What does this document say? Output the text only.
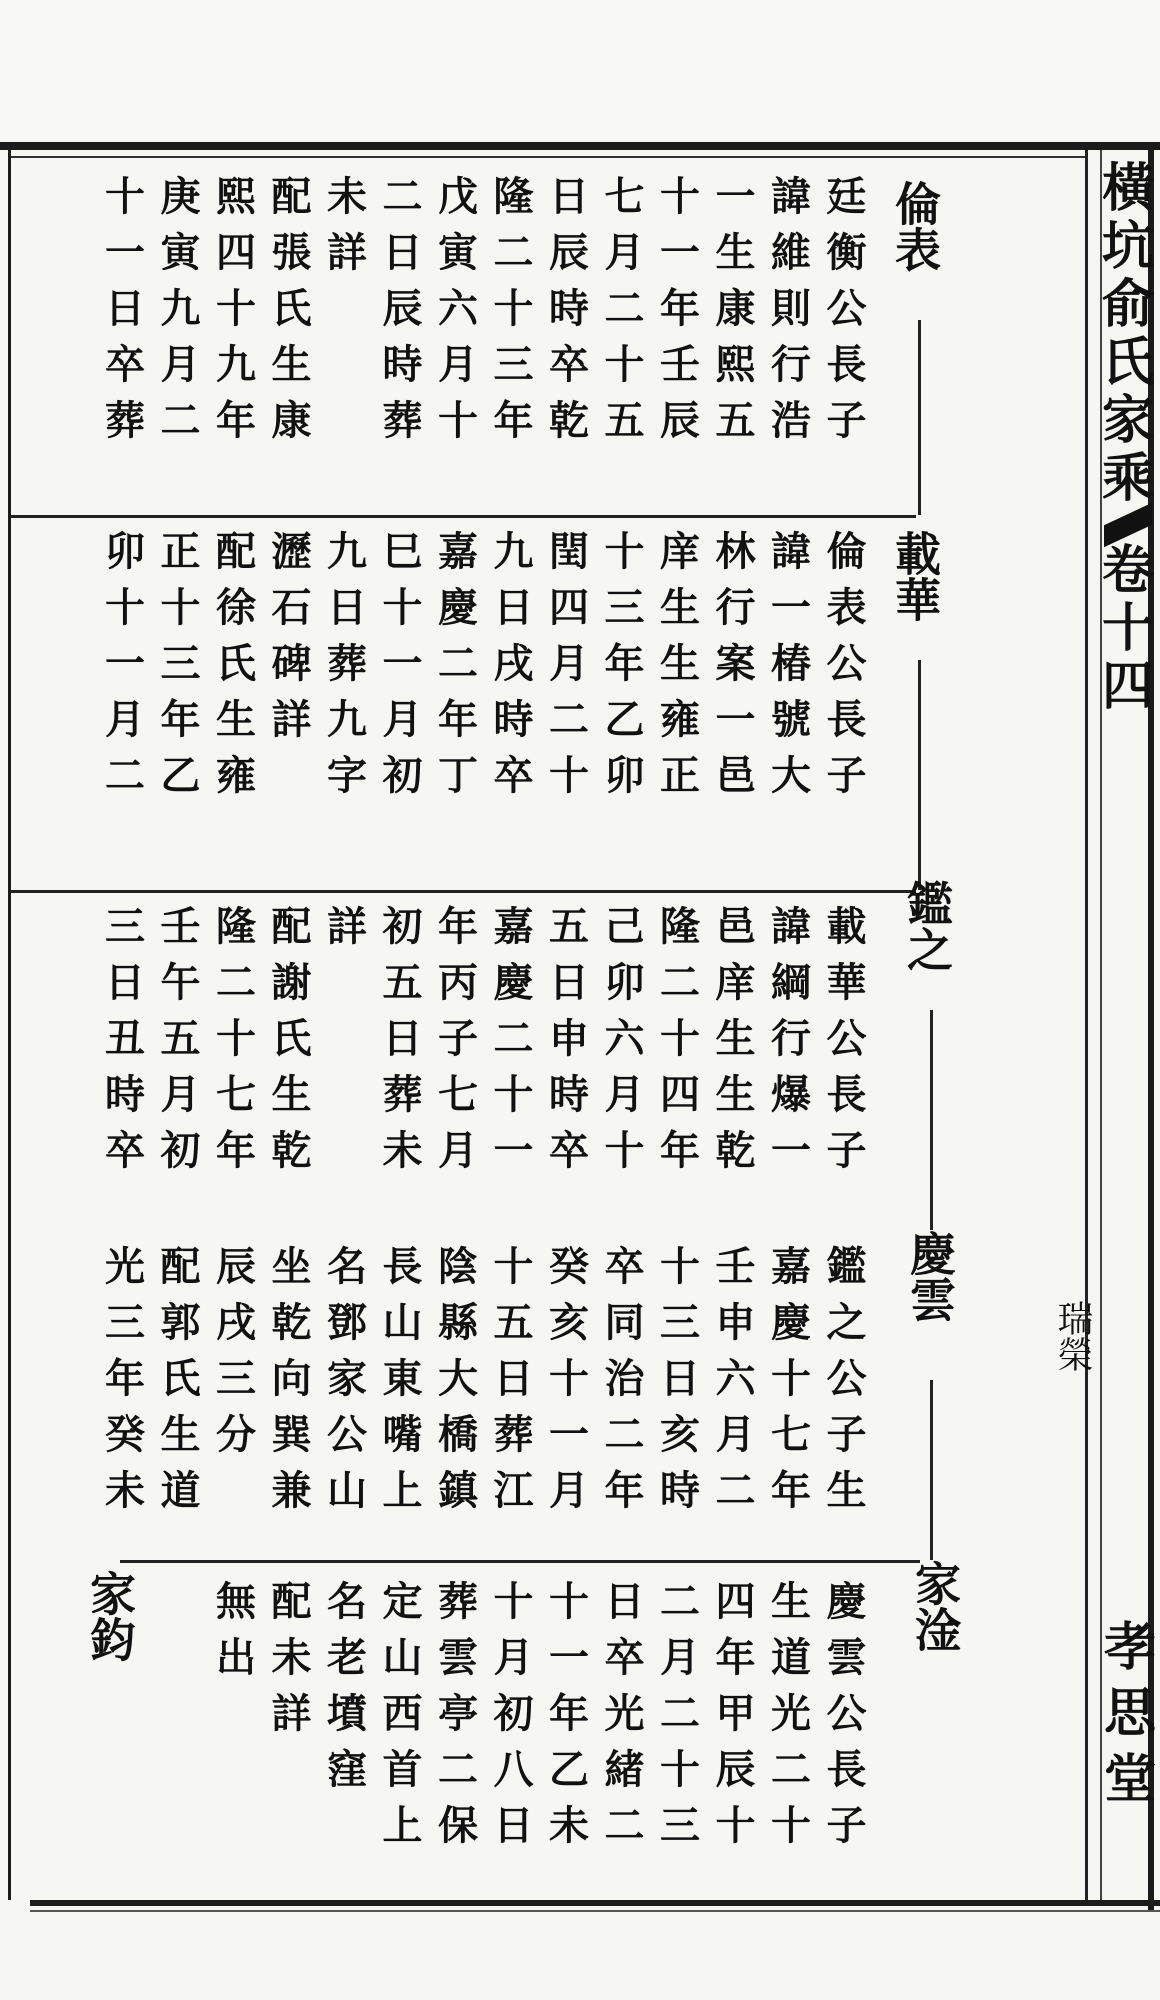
橫
坑
俞
氏
家
乘
卷
十
四
孝
思
堂
瑞榮
倫表
載華
鑑之
慶雲
家淦
家鈞
廷衡公長子
諱維則行浩
一生康熙五
十一年壬辰
七月二十五
日辰時卒乾
隆二十三年
戊寅六月十
二日辰時葬
未詳
配張氏生康
熙四十九年
庚寅九月二
十一日卒葬
倫表公長子
諱一椿號大
林行案一邑
庠生生雍正
十三年乙卯
閏四月二十
九日戌時卒
嘉慶二年丁
巳十一月初
九日葬九字
瀝石碑詳
配徐氏生雍
正十三年乙
卯十一月二
載華公長子
諱綱行爆一
邑庠生生乾
隆二十四年
己卯六月十
五日申時卒
嘉慶二十一
年丙子七月
初五日葬未
詳
配謝氏生乾
隆二十七年
壬午五月初
三日丑時卒
鑑之公子生
嘉慶十七年
壬申六月二
十三日亥時
卒同治二年
癸亥十一月
十五日葬江
陰縣大橋鎮
長山東嘴上
名鄧家公山
坐乾向巽兼
辰戌三分
配郭氏生道
光三年癸未
慶雲公長子
生道光二十
四年甲辰十
二月二十三
日卒光緒二
十一年乙未
十月初八日
葬雲亭二保
定山西首上
名老墳窪
配未詳
無出
